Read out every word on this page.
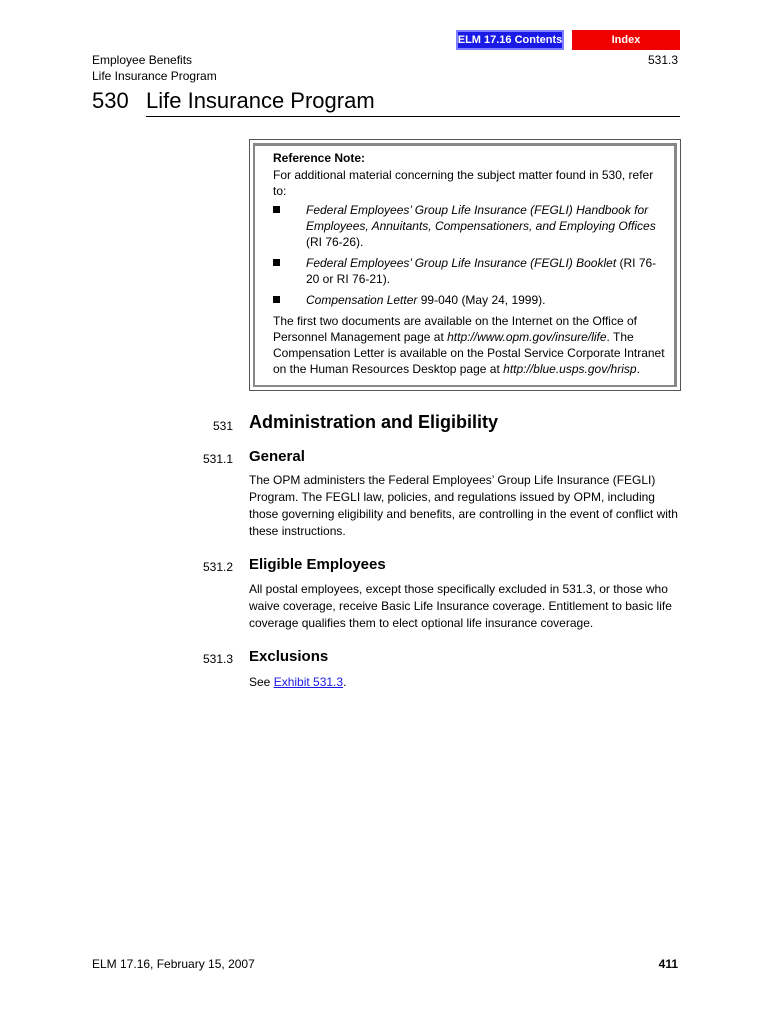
ELM 17.16 Contents	Index
Employee Benefits
Life Insurance Program
531.3
530 Life Insurance Program
Reference Note:
For additional material concerning the subject matter found in 530, refer to:
Federal Employees’ Group Life Insurance (FEGLI) Handbook for Employees, Annuitants, Compensationers, and Employing Offices (RI 76-26).
Federal Employees’ Group Life Insurance (FEGLI) Booklet (RI 76-20 or RI 76-21).
Compensation Letter 99-040 (May 24, 1999).
The first two documents are available on the Internet on the Office of Personnel Management page at http://www.opm.gov/insure/life. The Compensation Letter is available on the Postal Service Corporate Intranet on the Human Resources Desktop page at http://blue.usps.gov/hrisp.
531 Administration and Eligibility
531.1 General
The OPM administers the Federal Employees’ Group Life Insurance (FEGLI) Program. The FEGLI law, policies, and regulations issued by OPM, including those governing eligibility and benefits, are controlling in the event of conflict with these instructions.
531.2 Eligible Employees
All postal employees, except those specifically excluded in 531.3, or those who waive coverage, receive Basic Life Insurance coverage. Entitlement to basic life coverage qualifies them to elect optional life insurance coverage.
531.3 Exclusions
See Exhibit 531.3.
ELM 17.16, February 15, 2007	411
